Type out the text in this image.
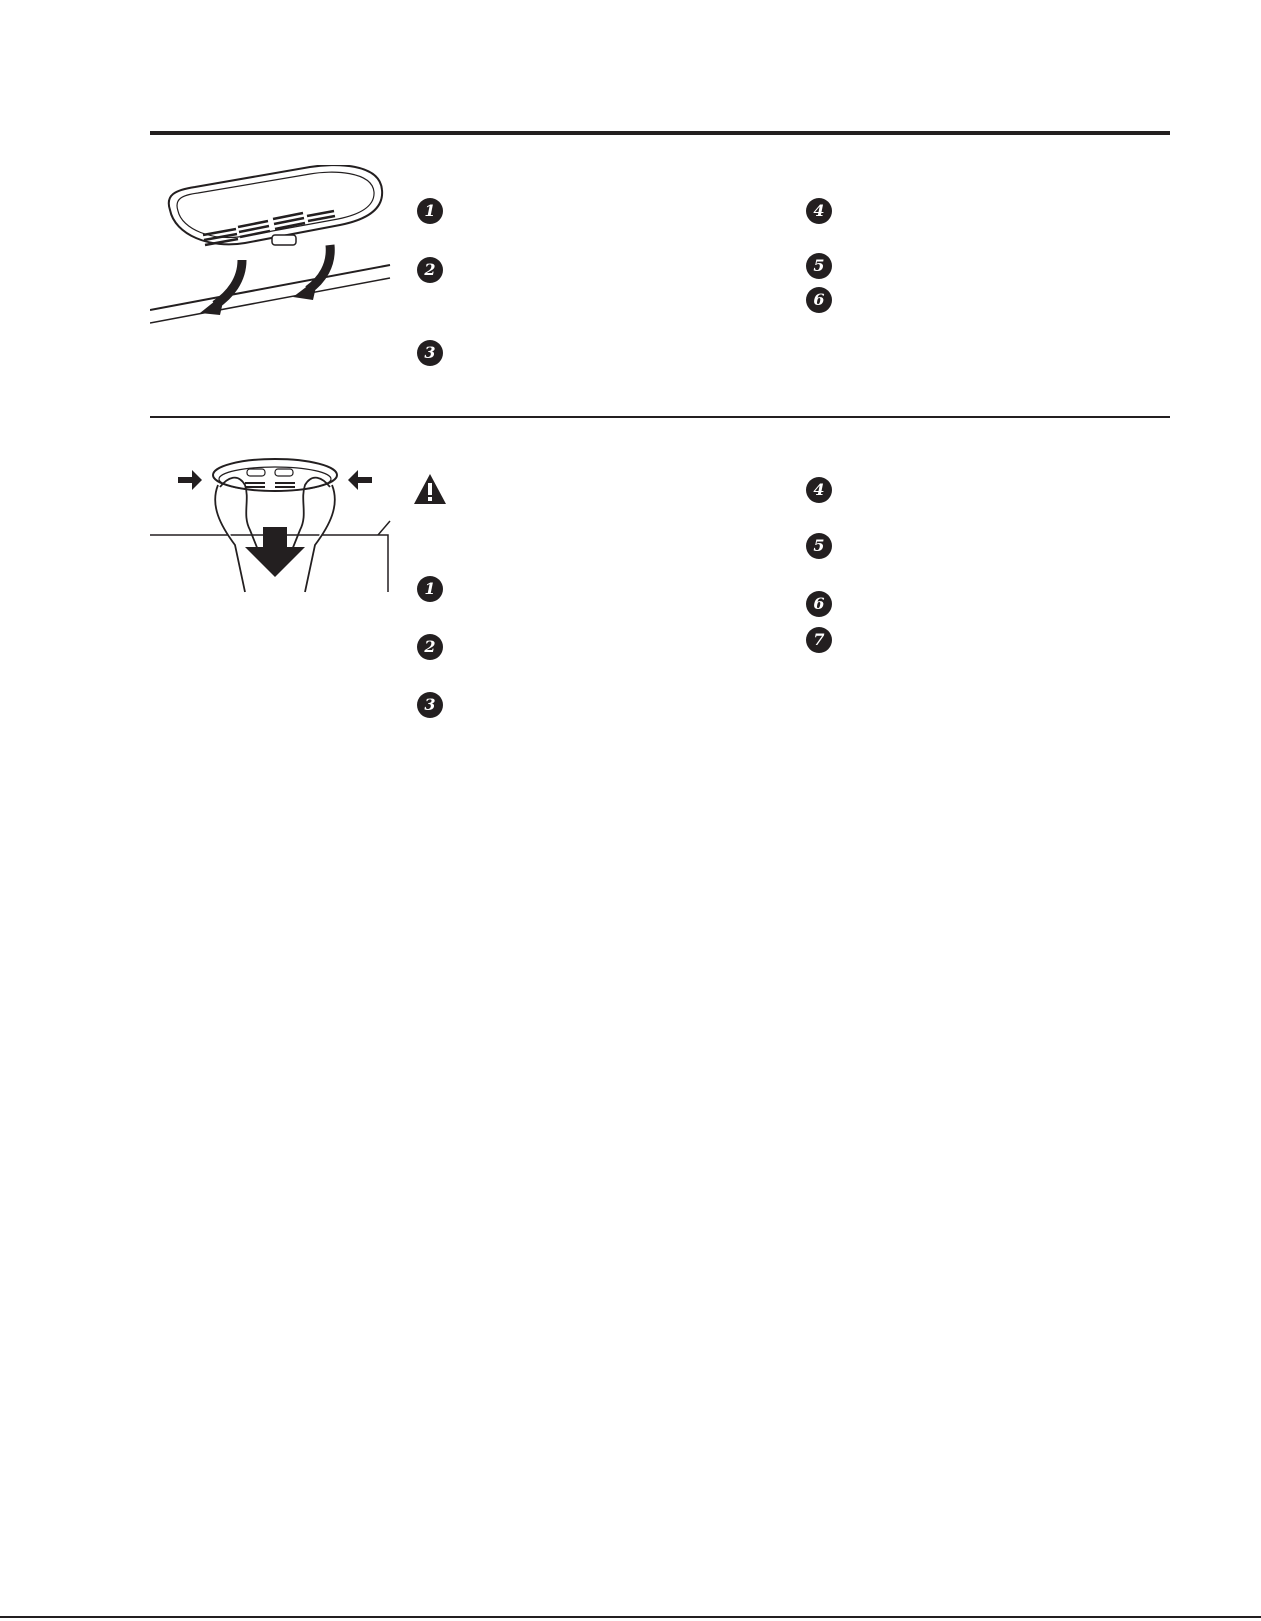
1
2
3
4
5
6
1
2
3
4
5
6
7
